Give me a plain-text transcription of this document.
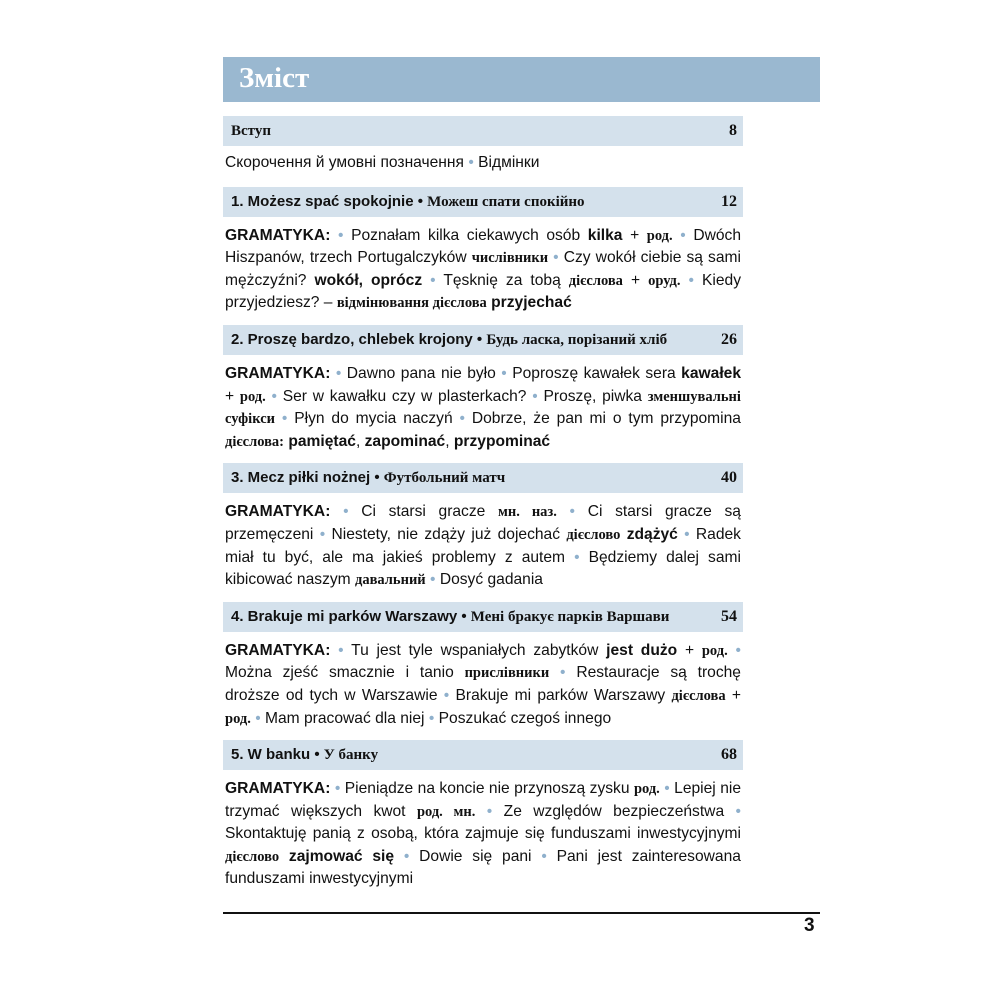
Зміст
Вступ	8
Скорочення й умовні позначення • Відмінки
1. Możesz spać spokojnie • Можеш спати спокійно	12
GRAMATYKA: • Poznałam kilka ciekawych osób kilka + род. • Dwóch Hiszpanów, trzech Portugalczyków числівники • Czy wokół ciebie są sami mężczyźni? wokół, oprócz • Tęsknię za tobą дієслова + оруд. • Kiedy przyjedziesz? – відмінювання дієслова przyjechać
2. Proszę bardzo, chlebek krojony • Будь ласка, порізаний хліб	26
GRAMATYKA: • Dawno pana nie było • Poproszę kawałek sera kawałek + род. • Ser w kawałku czy w plasterkach? • Proszę, piwka зменшувальні суфікси • Płyn do mycia naczyń • Dobrze, że pan mi o tym przypomina дієслова: pamiętać, zapominać, przypominać
3. Mecz piłki nożnej • Футбольний матч	40
GRAMATYKA: • Ci starsi gracze мн. наз. • Ci starsi gracze są przemęczeni • Niestety, nie zdąży już dojechać дієслово zdążyć • Radek miał tu być, ale ma jakieś problemy z autem • Będziemy dalej sami kibicować naszym давальний • Dosyć gadania
4. Brakuje mi parków Warszawy • Мені бракує парків Варшави	54
GRAMATYKA: • Tu jest tyle wspaniałych zabytków jest dużo + род. • Można zjeść smacznie i tanio прислівники • Restauracje są trochę droższe od tych w Warszawie • Brakuje mi parków Warszawy дієслова + род. • Mam pracować dla niej • Poszukać czegoś innego
5. W banku • У банку	68
GRAMATYKA: • Pieniądze na koncie nie przynoszą zysku род. • Lepiej nie trzymać większych kwot род. мн. • Ze względów bezpieczeństwa • Skontaktuję panią z osobą, która zajmuje się funduszami inwestycyjnymi дієслово zajmować się • Dowie się pani • Pani jest zainteresowana funduszami inwestycyjnymi
3
